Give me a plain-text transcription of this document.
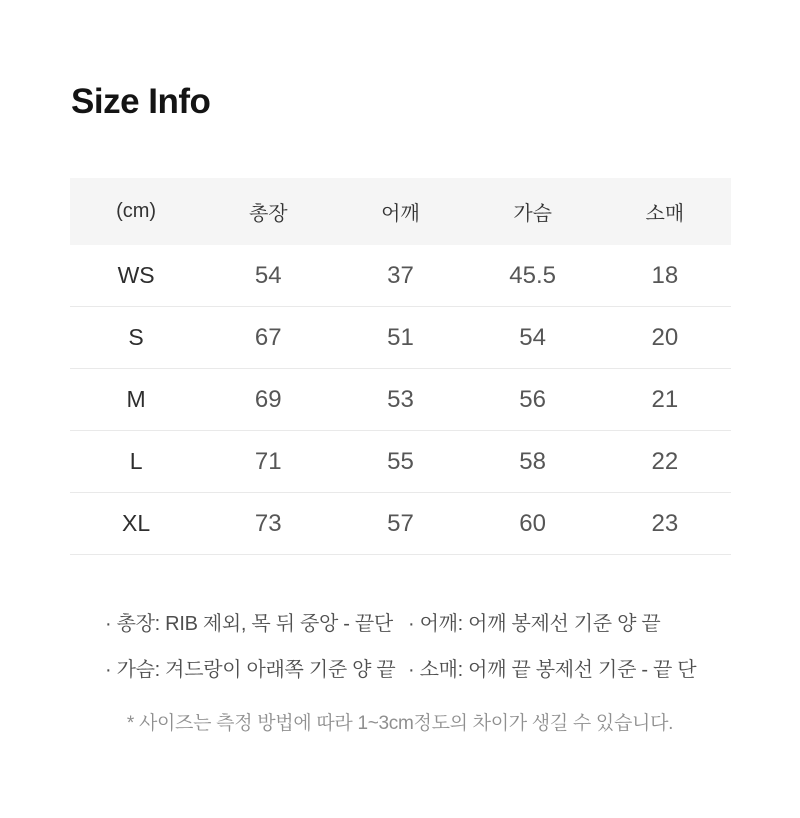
Size Info
(cm)	총장	어깨	가슴	소매
WS	54	37	45.5	18
S	67	51	54	20
M	69	53	56	21
L	71	55	58	22
XL	73	57	60	23
· 총장: RIB 제외, 목 뒤 중앙 - 끝단 · 어깨: 어깨 봉제선 기준 양 끝
· 가슴: 겨드랑이 아래쪽 기준 양 끝 · 소매: 어깨 끝 봉제선 기준 - 끝 단
* 사이즈는 측정 방법에 따라 1~3cm정도의 차이가 생길 수 있습니다.
